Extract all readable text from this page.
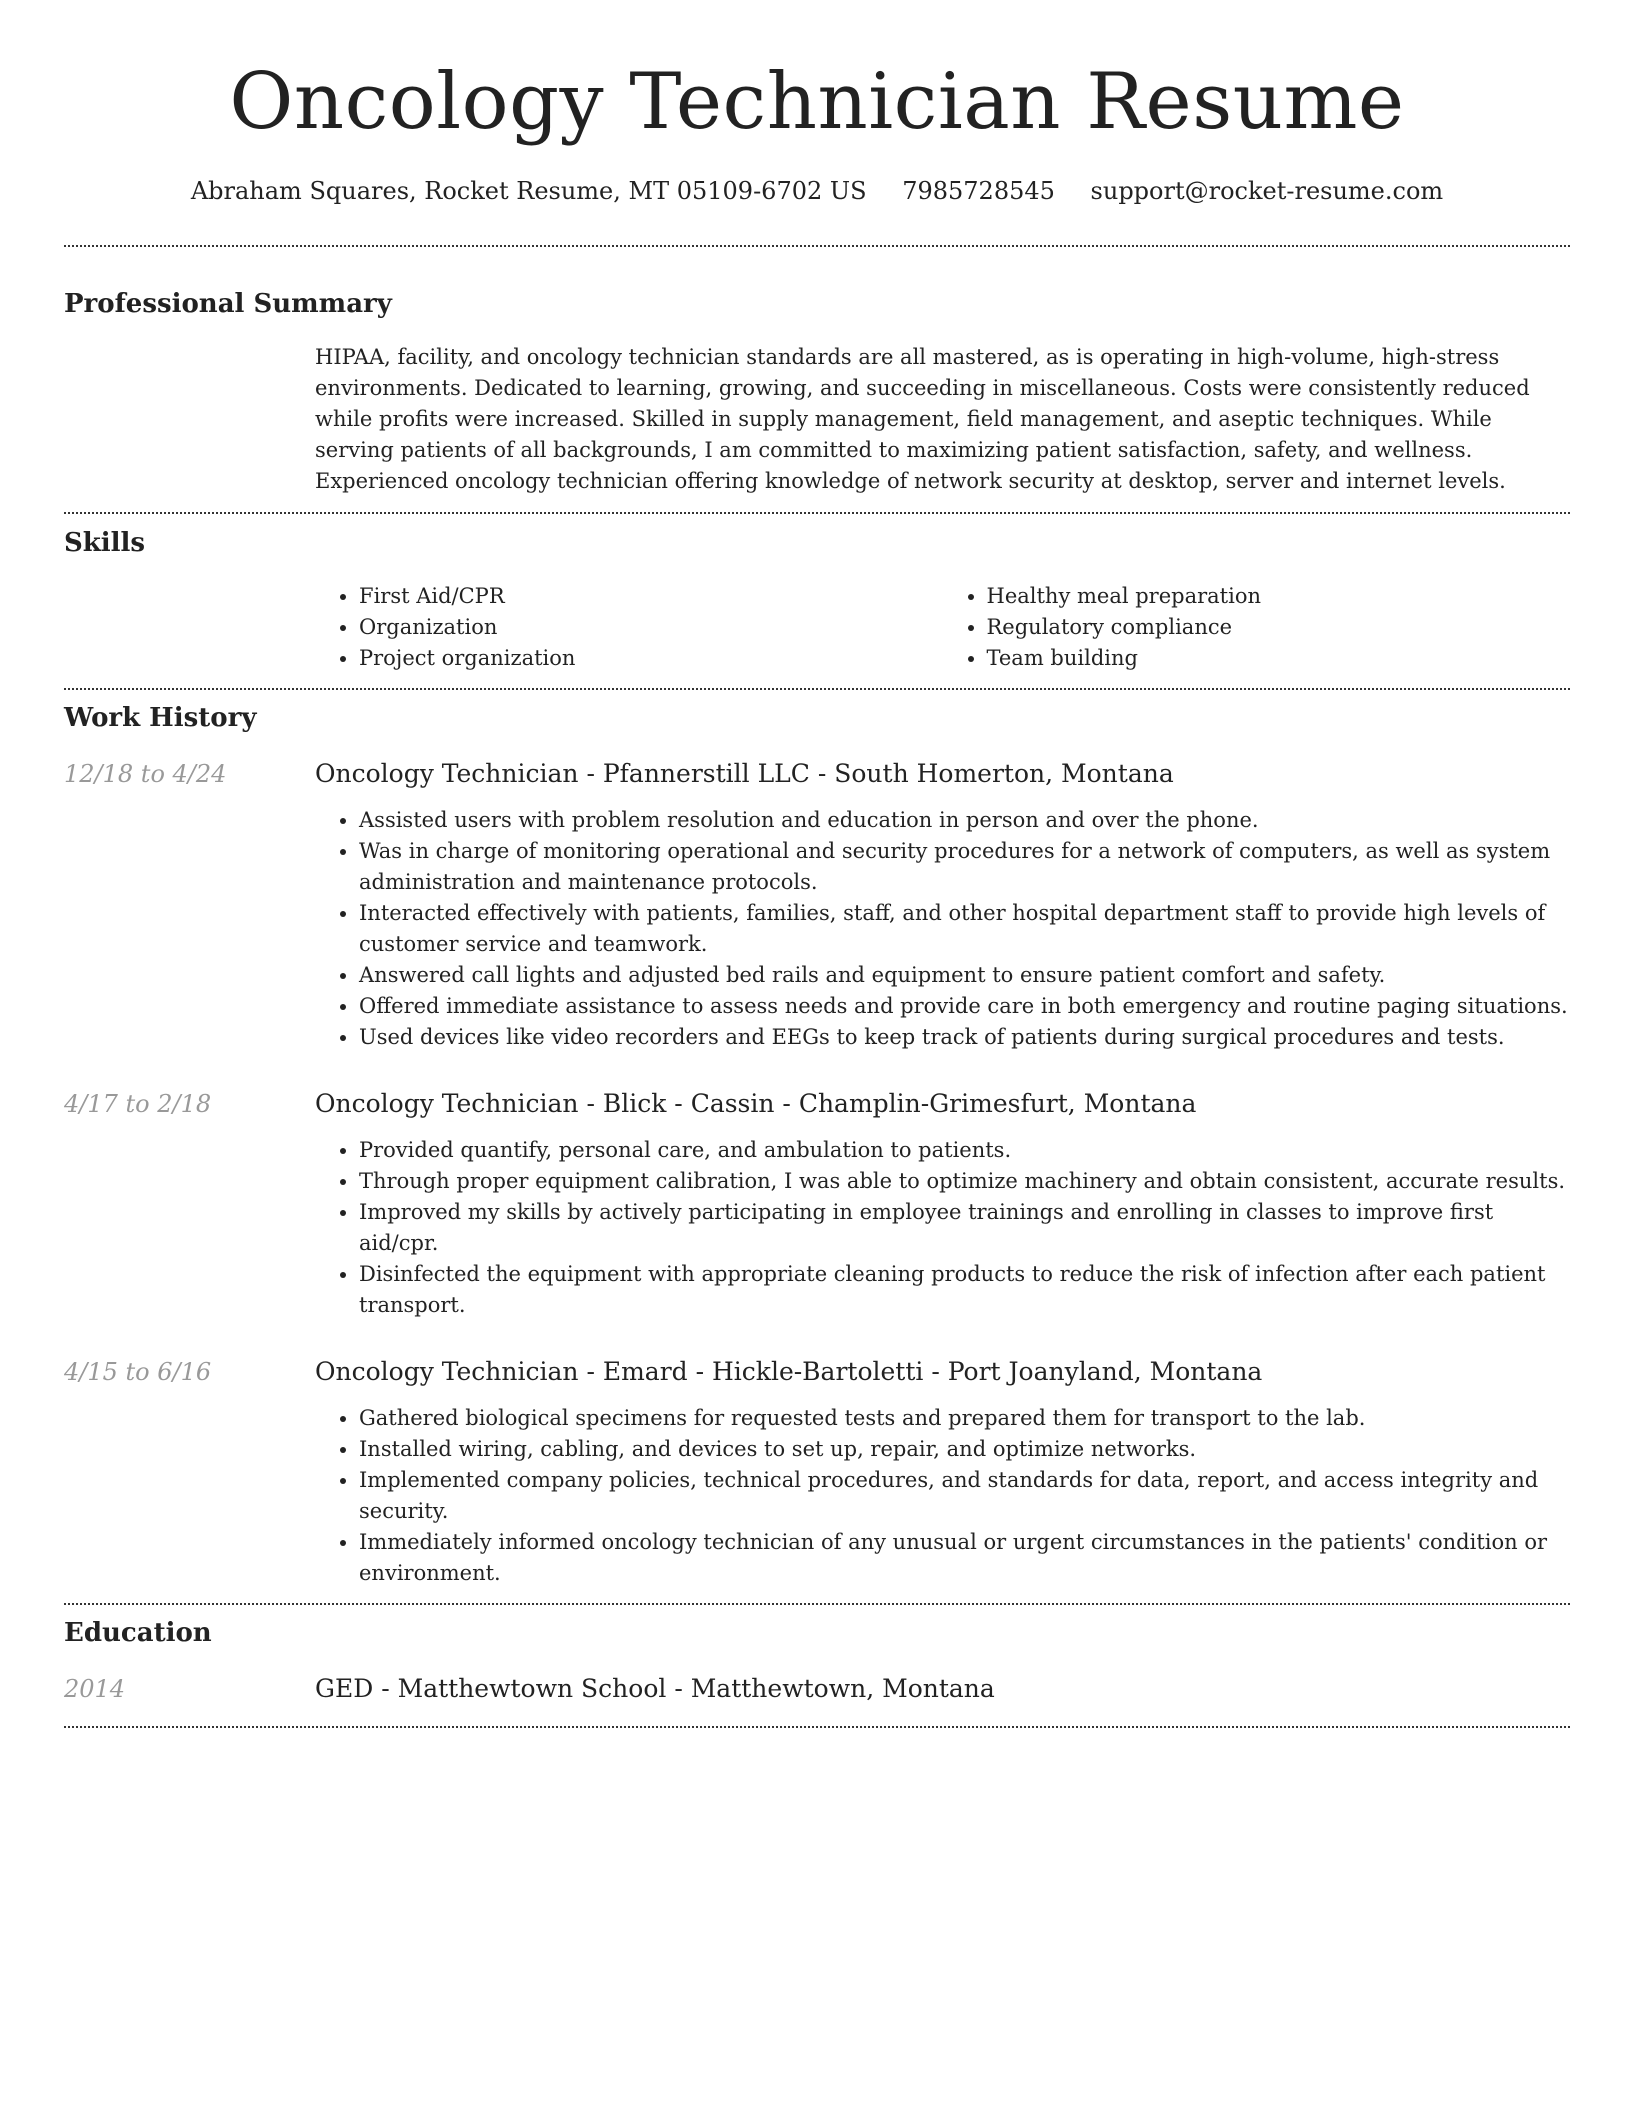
Oncology Technician Resume
Abraham Squares, Rocket Resume, MT 05109-6702 US 7985728545 support@rocket-resume.com
Professional Summary
HIPAA, facility, and oncology technician standards are all mastered, as is operating in high-volume, high-stress environments. Dedicated to learning, growing, and succeeding in miscellaneous. Costs were consistently reduced while profits were increased. Skilled in supply management, field management, and aseptic techniques. While serving patients of all backgrounds, I am committed to maximizing patient satisfaction, safety, and wellness. Experienced oncology technician offering knowledge of network security at desktop, server and internet levels.
Skills
• First Aid/CPR
• Organization
• Project organization
• Healthy meal preparation
• Regulatory compliance
• Team building
Work History
12/18 to 4/24	Oncology Technician - Pfannerstill LLC - South Homerton, Montana
• Assisted users with problem resolution and education in person and over the phone.
• Was in charge of monitoring operational and security procedures for a network of computers, as well as system administration and maintenance protocols.
• Interacted effectively with patients, families, staff, and other hospital department staff to provide high levels of customer service and teamwork.
• Answered call lights and adjusted bed rails and equipment to ensure patient comfort and safety.
• Offered immediate assistance to assess needs and provide care in both emergency and routine paging situations.
• Used devices like video recorders and EEGs to keep track of patients during surgical procedures and tests.
4/17 to 2/18	Oncology Technician - Blick - Cassin - Champlin-Grimesfurt, Montana
• Provided quantify, personal care, and ambulation to patients.
• Through proper equipment calibration, I was able to optimize machinery and obtain consistent, accurate results.
• Improved my skills by actively participating in employee trainings and enrolling in classes to improve first aid/cpr.
• Disinfected the equipment with appropriate cleaning products to reduce the risk of infection after each patient transport.
4/15 to 6/16	Oncology Technician - Emard - Hickle-Bartoletti - Port Joanyland, Montana
• Gathered biological specimens for requested tests and prepared them for transport to the lab.
• Installed wiring, cabling, and devices to set up, repair, and optimize networks.
• Implemented company policies, technical procedures, and standards for data, report, and access integrity and security.
• Immediately informed oncology technician of any unusual or urgent circumstances in the patients' condition or environment.
Education
2014	GED - Matthewtown School - Matthewtown, Montana
